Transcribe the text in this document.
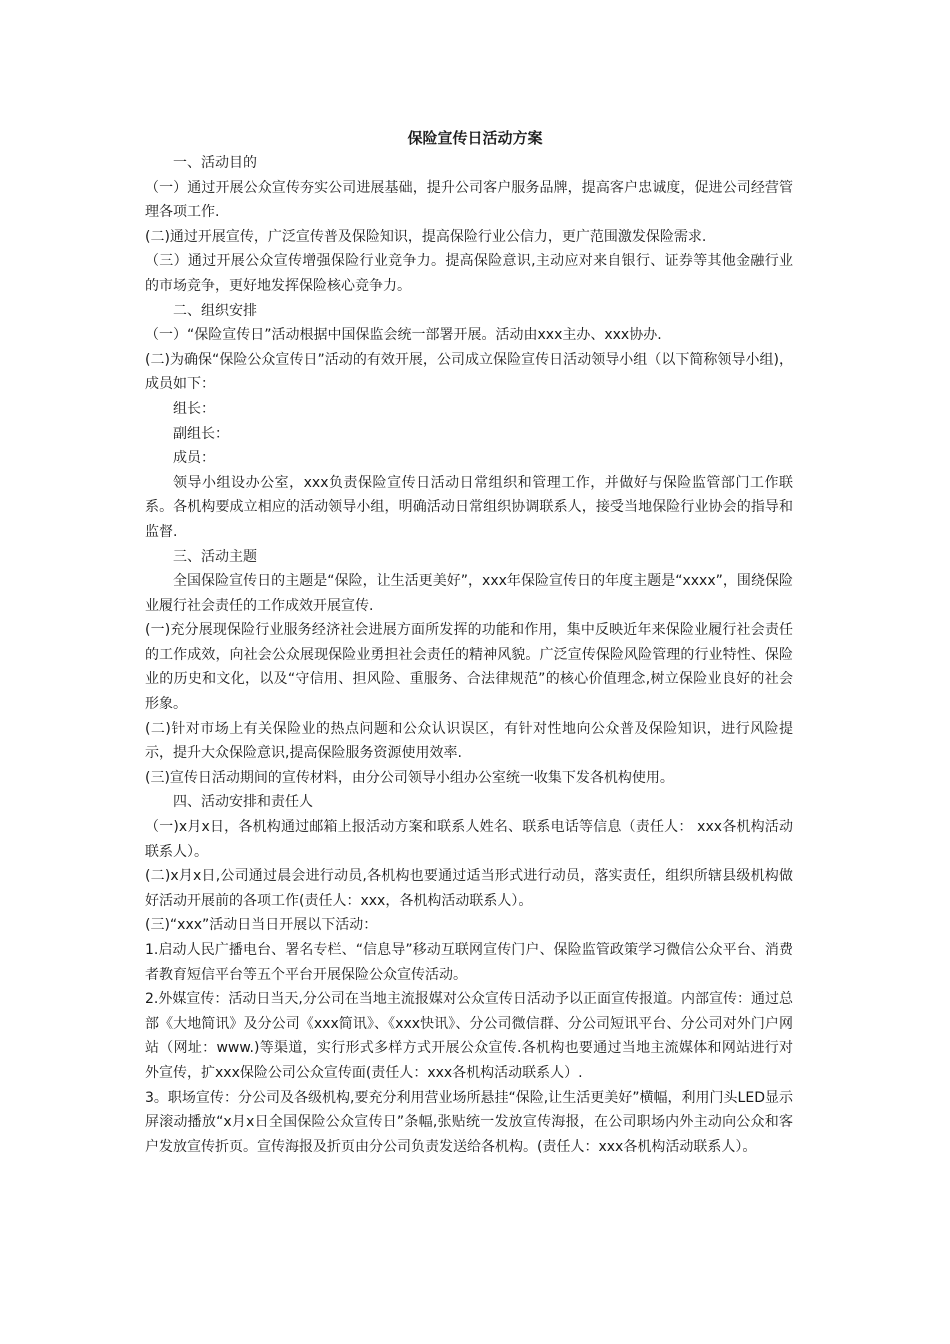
保险宣传日活动方案

一、活动目的

（一）通过开展公众宣传夯实公司进展基础，提升公司客户服务品牌，提高客户忠诚度，促进公司经营管理各项工作.

(二)通过开展宣传，广泛宣传普及保险知识，提高保险行业公信力，更广范围激发保险需求.

（三）通过开展公众宣传增强保险行业竞争力。提高保险意识,主动应对来自银行、证券等其他金融行业的市场竞争，更好地发挥保险核心竞争力。

二、组织安排

（一）“保险宣传日”活动根据中国保监会统一部署开展。活动由xxx主办、xxx协办.

(二)为确保“保险公众宣传日”活动的有效开展，公司成立保险宣传日活动领导小组（以下简称领导小组)，成员如下：

组长：

副组长：

成员：

领导小组设办公室，xxx负责保险宣传日活动日常组织和管理工作，并做好与保险监管部门工作联系。各机构要成立相应的活动领导小组，明确活动日常组织协调联系人，接受当地保险行业协会的指导和监督.

三、活动主题

全国保险宣传日的主题是“保险，让生活更美好”，xxx年保险宣传日的年度主题是“xxxx”，围绕保险业履行社会责任的工作成效开展宣传.

(一)充分展现保险行业服务经济社会进展方面所发挥的功能和作用，集中反映近年来保险业履行社会责任的工作成效，向社会公众展现保险业勇担社会责任的精神风貌。广泛宣传保险风险管理的行业特性、保险业的历史和文化，以及“守信用、担风险、重服务、合法律规范”的核心价值理念,树立保险业良好的社会形象。

(二)针对市场上有关保险业的热点问题和公众认识误区，有针对性地向公众普及保险知识，进行风险提示，提升大众保险意识,提高保险服务资源使用效率.

(三)宣传日活动期间的宣传材料，由分公司领导小组办公室统一收集下发各机构使用。

四、活动安排和责任人

（一)x月x日，各机构通过邮箱上报活动方案和联系人姓名、联系电话等信息（责任人： xxx各机构活动联系人）。

(二)x月x日,公司通过晨会进行动员,各机构也要通过适当形式进行动员，落实责任，组织所辖县级机构做好活动开展前的各项工作(责任人：xxx，各机构活动联系人）。

(三)“xxx”活动日当日开展以下活动：

1.启动人民广播电台、署名专栏、“信息导”移动互联网宣传门户、保险监管政策学习微信公众平台、消费者教育短信平台等五个平台开展保险公众宣传活动。

2.外媒宣传：活动日当天,分公司在当地主流报媒对公众宣传日活动予以正面宣传报道。内部宣传：通过总部《大地简讯》及分公司《xxx简讯》、《xxx快讯》、分公司微信群、分公司短讯平台、分公司对外门户网站（网址：www.)等渠道，实行形式多样方式开展公众宣传.各机构也要通过当地主流媒体和网站进行对外宣传，扩xxx保险公司公众宣传面(责任人：xxx各机构活动联系人）.

3。职场宣传：分公司及各级机构,要充分利用营业场所悬挂“保险,让生活更美好”横幅，利用门头LED显示屏滚动播放“x月x日全国保险公众宣传日”条幅,张贴统一发放宣传海报，在公司职场内外主动向公众和客户发放宣传折页。宣传海报及折页由分公司负责发送给各机构。(责任人：xxx各机构活动联系人）。
